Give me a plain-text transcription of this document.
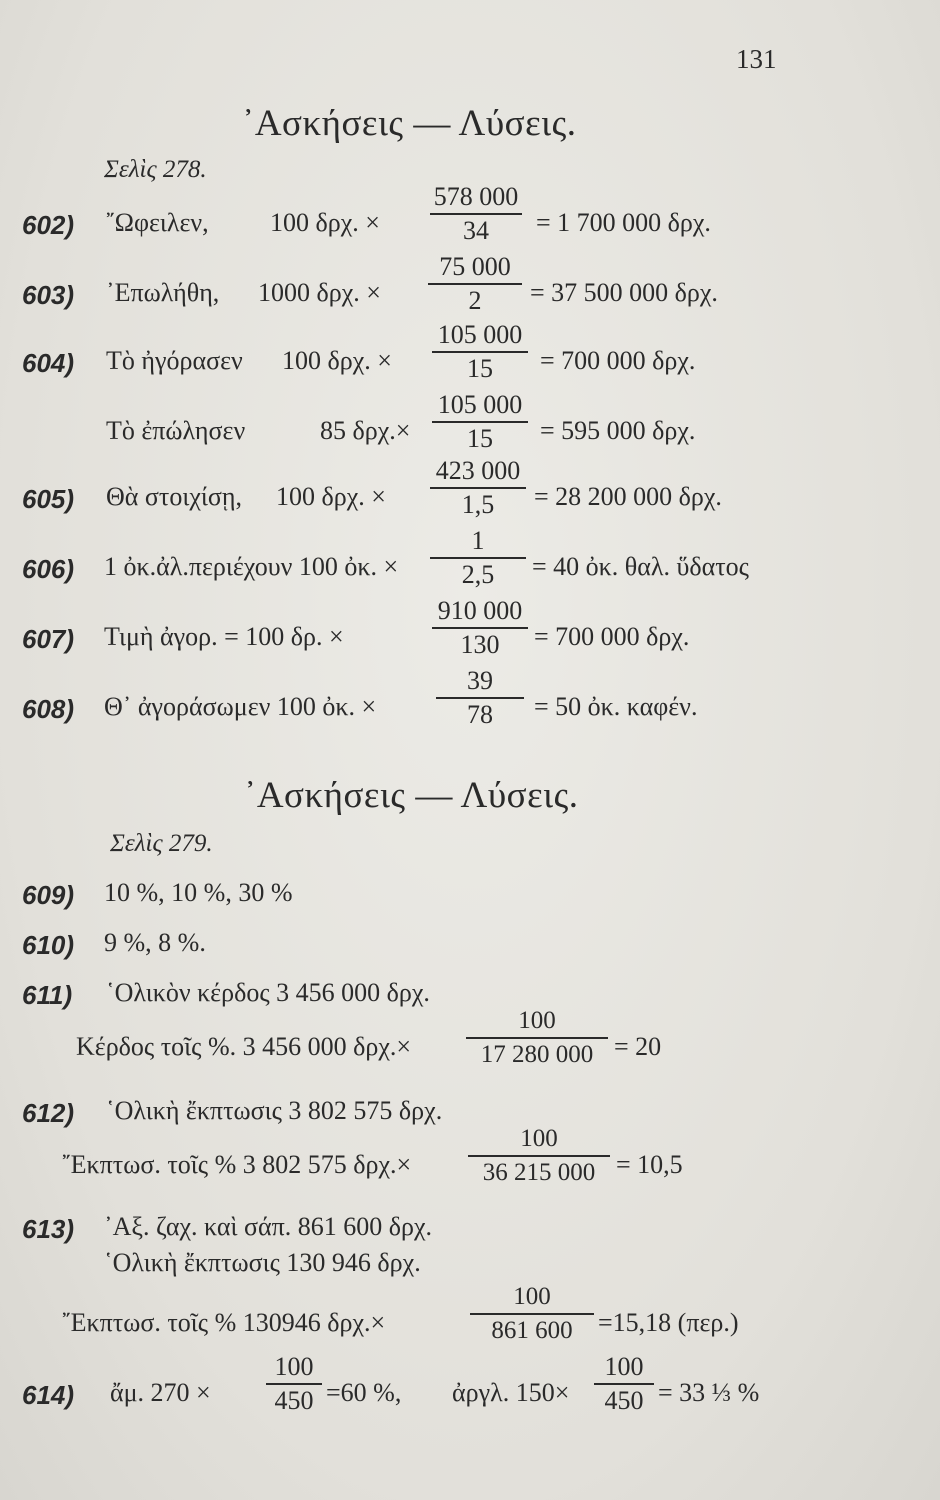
131
᾿Ασκήσεις — Λύσεις.
Σελὶς 278.
602) ῎Ωφειλεν, 100 δρχ. ×
578 000
34	= 1 700 000 δρχ.
603) ᾿Επωλήθη, 1000 δρχ. ×
75 000
2	= 37 500 000 δρχ.
604) Τὸ ἠγόρασεν 100 δρχ. ×
105 000
15	= 700 000 δρχ.
Τὸ ἐπώλησεν	85 δρχ.×
105 000
15	= 595 000 δρχ.
605) Θὰ στοιχίσῃ, 100 δρχ. ×
423 000
1,5	= 28 200 000 δρχ.
606) 1 ὀκ.ἀλ.περιέχουν 100 ὀκ. ×
1
2,5	= 40 ὀκ. θαλ. ὕδατος
607) Τιμὴ ἀγορ. = 100 δρ. ×
910 000
130	= 700 000 δρχ.
608) Θ᾿ ἀγοράσωμεν 100 ὀκ. ×
39
78	= 50 ὀκ. καφέν.
᾿Ασκήσεις — Λύσεις.
Σελὶς 279.
609) 10 %, 10 %, 30 %
610) 9 %, 8 %.
611) ῾Ολικὸν κέρδος 3 456 000 δρχ.
Κέρδος τοῖς %. 3 456 000 δρχ.×
100
17 280 000 = 20
612) ῾Ολικὴ ἔκπτωσις 3 802 575 δρχ.
῎Εκπτωσ. τοῖς % 3 802 575 δρχ.×
100
36 215 000 = 10,5
613) ᾿Αξ. ζαχ. καὶ σάπ. 861 600 δρχ.
῾Ολικὴ ἔκπτωσις 130 946 δρχ.
῎Εκπτωσ. τοῖς % 130946 δρχ.×
100
861 600 =15,18 (περ.)
614) ἄμ. 270 ×
100
450 =60 %, ἀργλ. 150×
100
450 = 33 ⅓ %
